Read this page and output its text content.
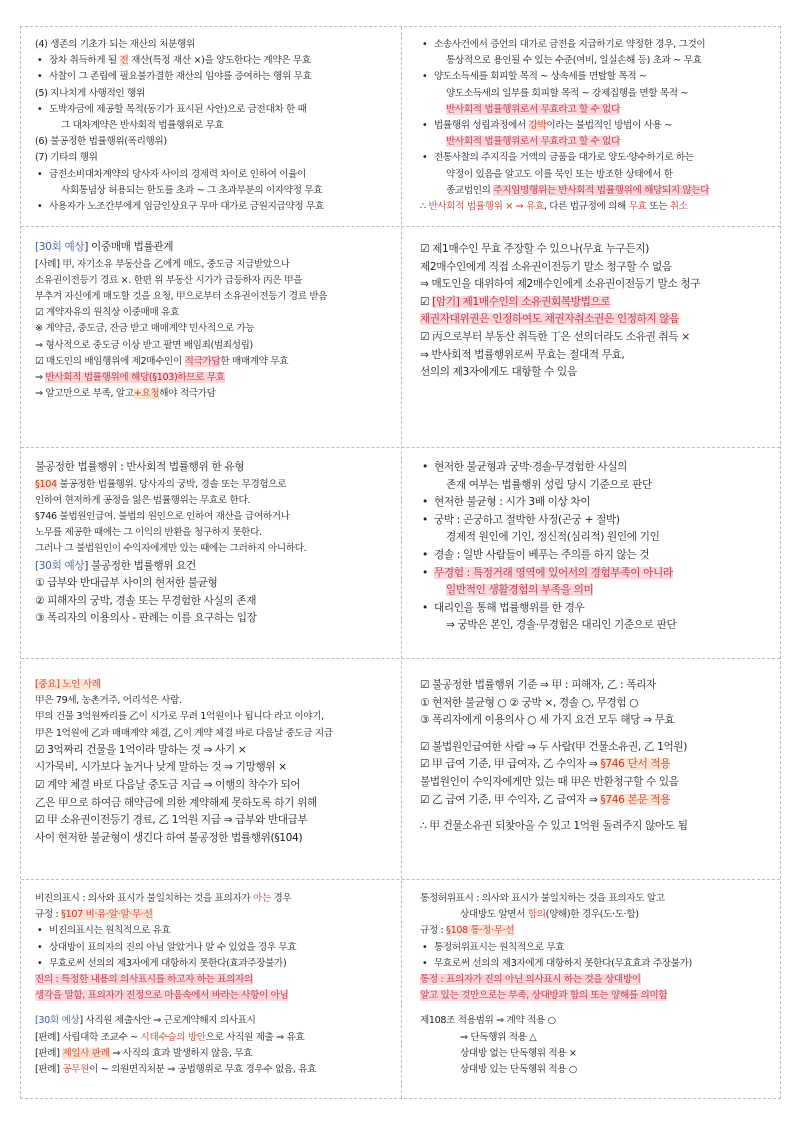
(4) 생존의 기초가 되는 재산의 처분행위
• 장차 취득하게 될 전 재산(특정 재산 ×)을 양도한다는 계약은 무효
• 사찰이 그 존립에 필요불가결한 재산의 임야를 증여하는 행위 무효
(5) 지나치게 사행적인 행위
• 도박자금에 제공할 목적(동기가 표시된 사안)으로 금전대차 한 때
그 대차계약은 반사회적 법률행위로 무효
(6) 불공정한 법률행위(폭리행위)
(7) 기타의 행위
• 금전소비대차계약의 당사자 사이의 경제력 차이로 인하여 이율이
사회통념상 허용되는 한도를 초과 ~ 그 초과부분의 이자약정 무효
• 사용자가 노조간부에게 임금인상요구 무마 대가로 금원지급약정 무효
• 소송사건에서 증언의 대가로 금전을 지급하기로 약정한 경우, 그것이
통상적으로 용인될 수 있는 수준(여비, 일실손해 등) 초과 ~ 무효
• 양도소득세를 회피할 목적 ~ 상속세를 면탈할 목적 ~
양도소득세의 일부를 회피할 목적 ~ 강제집행을 면할 목적 ~
반사회적 법률행위로서 무효라고 할 수 없다
• 법률행위 성립과정에서 강박이라는 불법적인 방법이 사용 ~
반사회적 법률행위로서 무효라고 할 수 없다
• 전통사찰의 주지직을 거액의 금품을 대가로 양도·양수하기로 하는
약정이 있음을 알고도 이를 묵인 또는 방조한 상태에서 한
종교법인의 주지임명행위는 반사회적 법률행위에 해당되지 않는다
∴ 반사회적 법률행위 × ⇒ 유효, 다른 법규정에 의해 무효 또는 취소
[30회 예상] 이중매매 법률관계
[사례] 甲, 자기소유 부동산을 乙에게 매도, 중도금 지급받았으나
소유권이전등기 경료 ×. 한편 위 부동산 시가가 급등하자 丙은 甲을
부추겨 자신에게 매도할 것을 요청, 甲으로부터 소유권이전등기 경료 받음
☑ 계약자유의 원칙상 이중매매 유효
※ 계약금, 중도금, 잔금 받고 매매계약 민사적으로 가능
⇒ 형사적으로 중도금 이상 받고 팔면 배임죄(범죄성립)
☑ 매도인의 배임행위에 제2매수인이 적극가담한 매매계약 무효
⇒ 반사회적 법률행위에 해당(§103)하므로 무효
⇒ 알고만으로 부족, 알고+요청해야 적극가담
☑ 제1매수인 무효 주장할 수 있으나(무효 누구든지)
제2매수인에게 직접 소유권이전등기 말소 청구할 수 없음
⇒ 매도인을 대위하여 제2매수인에게 소유권이전등기 말소 청구
☑ [암기] 제1매수인의 소유권회복방법으로
채권자대위권은 인정하여도 채권자취소권은 인정하지 않음
☑ 丙으로부터 부동산 취득한 丁은 선의더라도 소유권 취득 ×
⇒ 반사회적 법률행위로써 무효는 절대적 무효,
선의의 제3자에게도 대항할 수 있음
불공정한 법률행위 : 반사회적 법률행위 한 유형
§104 불공정한 법률행위. 당사자의 궁박, 경솔 또는 무경험으로
인하여 현저하게 공정을 잃은 법률행위는 무효로 한다.
§746 불법원인급여. 불법의 원인으로 인하여 재산을 급여하거나
노무를 제공한 때에는 그 이익의 반환을 청구하지 못한다.
그러나 그 불법원인이 수익자에게만 있는 때에는 그러하지 아니하다.
[30회 예상] 불공정한 법률행위 요건
① 급부와 반대급부 사이의 현저한 불균형
② 피해자의 궁박, 경솔 또는 무경험한 사실의 존재
③ 폭리자의 이용의사 - 판례는 이를 요구하는 입장
• 현저한 불균형과 궁박·경솔·무경험한 사실의
존재 여부는 법률행위 성립 당시 기준으로 판단
• 현저한 불균형 : 시가 3배 이상 차이
• 궁박 : 곤궁하고 절박한 사정(곤궁 + 절박)
경제적 원인에 기인, 정신적(심리적) 원인에 기인
• 경솔 : 일반 사람들이 베푸는 주의를 하지 않는 것
• 무경험 : 특정거래 영역에 있어서의 경험부족이 아니라
일반적인 생활경험의 부족을 의미
• 대리인을 통해 법률행위를 한 경우
⇒ 궁박은 본인, 경솔·무경험은 대리인 기준으로 판단
[중요] 노인 사례
甲은 79세, 농촌거주, 어리석은 사람.
甲의 건물 3억원짜리를 乙이 시가로 무려 1억원이나 됩니다 라고 이야기,
甲은 1억원에 乙과 매매계약 체결, 乙이 계약 체결 바로 다음날 중도금 지급
☑ 3억짜리 건물을 1억이라 말하는 것 ⇒ 사기 ×
시가묵비, 시가보다 높거나 낮게 말하는 것 ⇒ 기망행위 ×
☑ 계약 체결 바로 다음날 중도금 지급 ⇒ 이행의 착수가 되어
乙은 甲으로 하여금 해약금에 의한 계약해제 못하도록 하기 위해
☑ 甲 소유권이전등기 경료, 乙 1억원 지급 ⇒ 급부와 반대급부
사이 현저한 불균형이 생긴다 하여 불공정한 법률행위(§104)
☑ 불공정한 법률행위 기준 ⇒ 甲 : 피해자, 乙 : 폭리자
① 현저한 불균형 ○ ② 궁박 ×, 경솔 ○, 무경험 ○
③ 폭리자에게 이용의사 ○ 세 가지 요건 모두 해당 ⇒ 무효
☑ 불법원인급여한 사람 ⇒ 두 사람(甲 건물소유권, 乙 1억원)
☑ 甲 급여 기준, 甲 급여자, 乙 수익자 ⇒ §746 단서 적용
불법원인이 수익자에게만 있는 때 甲은 반환청구할 수 있음
☑ 乙 급여 기준, 甲 수익자, 乙 급여자 ⇒ §746 본문 적용
∴ 甲 건물소유권 되찾아올 수 있고 1억원 돌려주지 않아도 됨
비진의표시 : 의사와 표시가 불일치하는 것을 표의자가 아는 경우
규정 : §107 비·유·알·알·무·선
• 비진의표시는 원칙적으로 유효
• 상대방이 표의자의 진의 아님 알았거나 알 수 있었을 경우 무효
• 무효로써 선의의 제3자에게 대항하지 못한다(효과주장불가)
진의 : 특정한 내용의 의사표시를 하고자 하는 표의자의
생각을 말함, 표의자가 진정으로 마음속에서 바라는 사항이 아님
[30회 예상] 사직원 제출사안 ⇒ 근로계약해지 의사표시
[판례] 사립대학 조교수 ~ 시태수습의 방안으로 사직원 제출 ⇒ 유효
[판례] 제일사 판례 ⇒ 사직의 효과 발생하지 않음, 무효
[판례] 공무원이 ~ 의원면직처분 ⇒ 공법행위로 무효 경우수 없음, 유효
통정허위표시 : 의사와 표시가 불일치하는 것을 표의자도 알고
상대방도 알면서 합의(양해)한 경우(도·도·합)
규정 : §108 통·정·무·선
• 통정허위표시는 원칙적으로 무효
• 무효로써 선의의 제3자에게 대항하지 못한다(무효효과 주장불가)
통정 : 표의자가 진의 아닌 의사표시 하는 것을 상대방이
알고 있는 것만으로는 부족, 상대방과 합의 또는 양해를 의미함
제108조 적용범위 ⇒ 계약 적용 ○
⇒ 단독행위 적용 △
상대방 없는 단독행위 적용 ×
상대방 있는 단독행위 적용 ○
